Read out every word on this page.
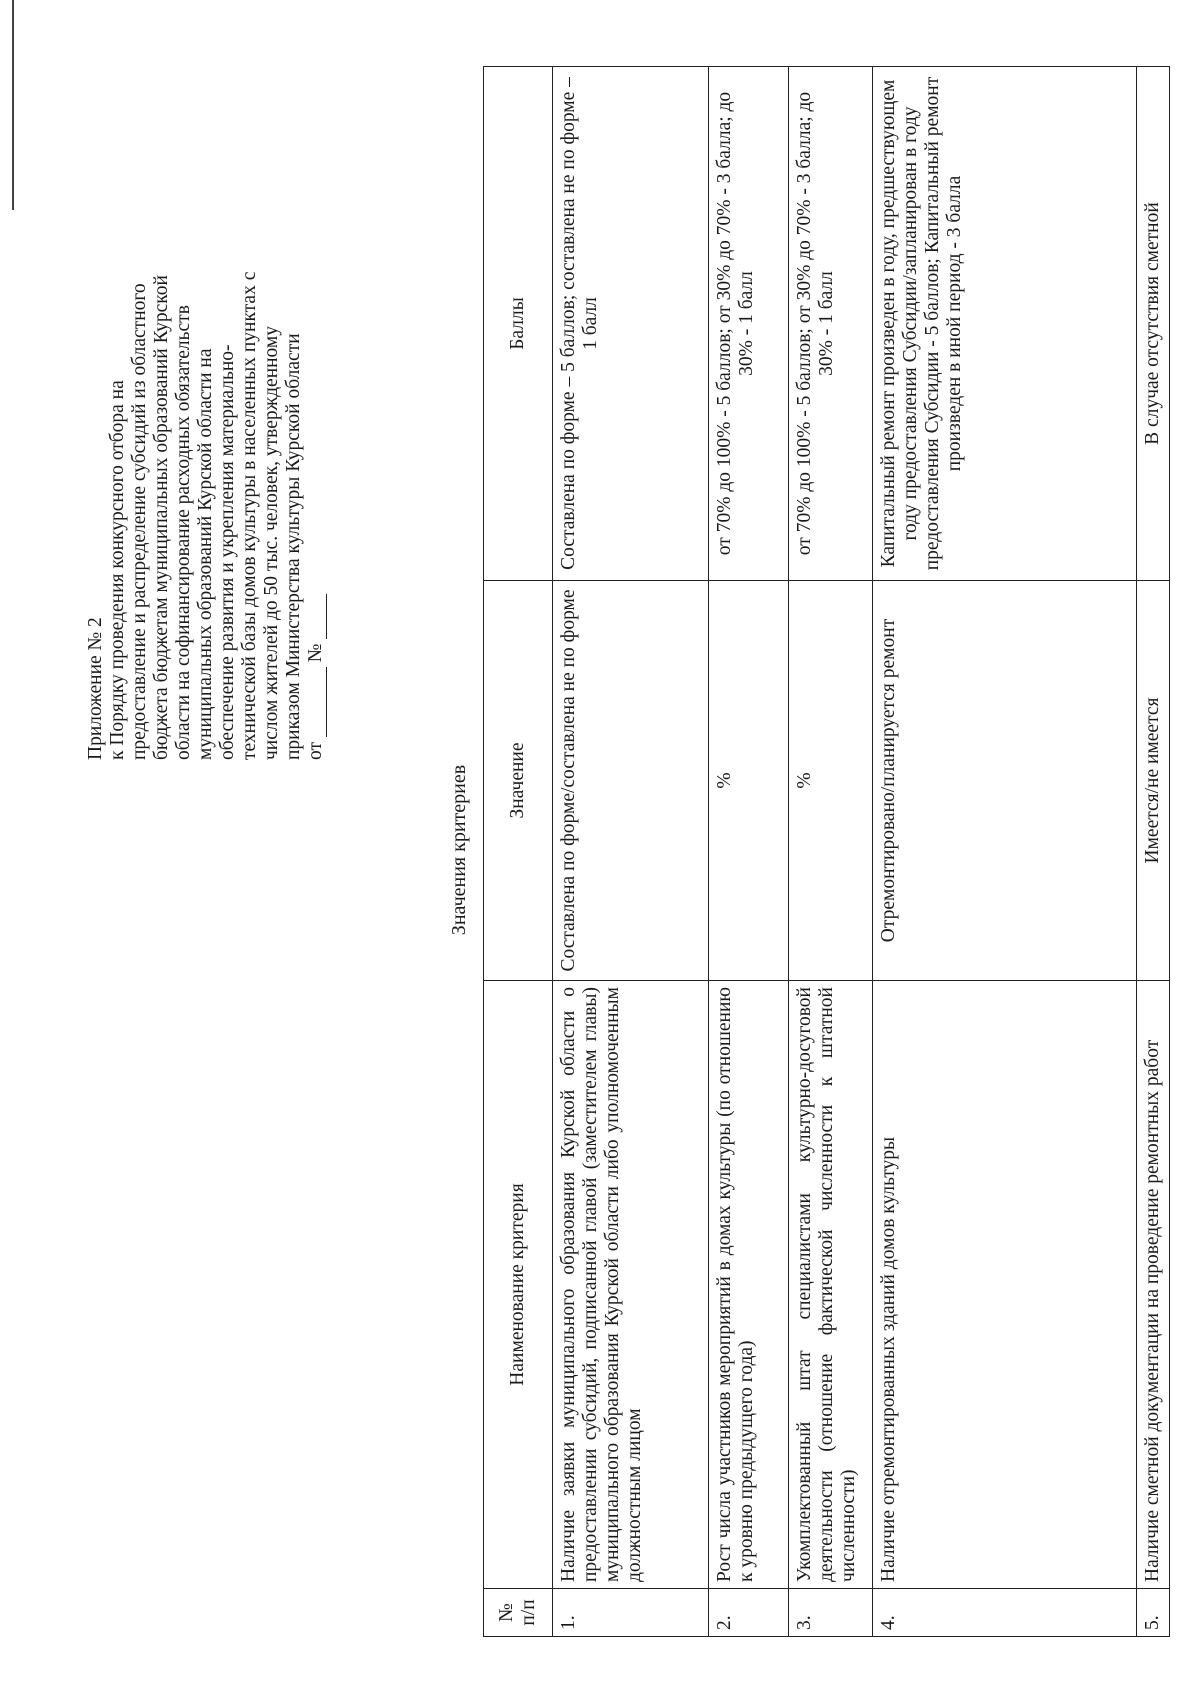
Приложение № 2 к Порядку проведения конкурсного отбора на предоставление и распределение субсидий из областного бюджета бюджетам муниципальных образований Курской области на софинансирование расходных обязательств муниципальных образований Курской области на обеспечение развития и укрепления материально- технической базы домов культуры в населенных пунктах с числом жителей до 50 тыс. человек, утвержденному приказом Министерства культуры Курской области от  №
Значения критериев
№ п/п	Наименование критерия	Значение	Баллы
1.	Наличие заявки муниципального образования Курской области о предоставлении субсидий, подписанной главой (заместителем главы) муниципального образования Курской области либо уполномоченным должностным лицом	Составлена по форме/составлена не по форме	Составлена по форме – 5 баллов; составлена не по форме – 1 балл
2.	Рост числа участников мероприятий в домах культуры (по отношению к уровню предыдущего года)	%	от 70% до 100% - 5 баллов; от 30% до 70% - 3 балла; до 30% - 1 балл
3.	Укомплектованный штат специалистами культурно-досуговой деятельности (отношение фактической численности к штатной численности)	%	от 70% до 100% - 5 баллов; от 30% до 70% - 3 балла; до 30% - 1 балл
4.	Наличие отремонтированных зданий домов культуры	Отремонтировано/планируется ремонт	Капитальный ремонт произведен в году, предшествующем году предоставления Субсидии/запланирован в году предоставления Субсидии - 5 баллов; Капитальный ремонт произведен в иной период - 3 балла
5.	Наличие сметной документации на проведение ремонтных работ	Имеется/не имеется	В случае отсутствия сметной
